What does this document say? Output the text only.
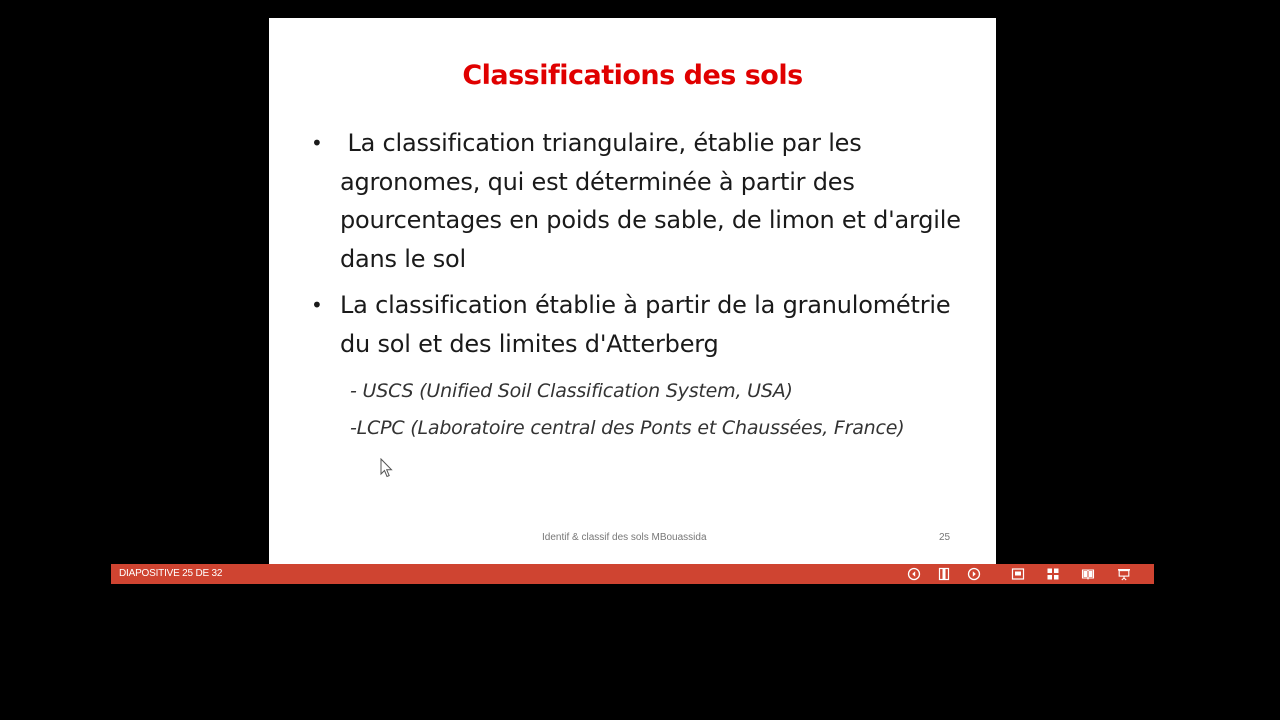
Classifications des sols
• La classification triangulaire, établie par les agronomes, qui est déterminée à partir des pourcentages en poids de sable, de limon et d'argile dans le sol
• La classification établie à partir de la granulométrie du sol et des limites d'Atterberg
- USCS (Unified Soil Classification System, USA)
-LCPC (Laboratoire central des Ponts et Chaussées, France)
Identif & classif des sols MBouassida	25
DIAPOSITIVE 25 DE 32
